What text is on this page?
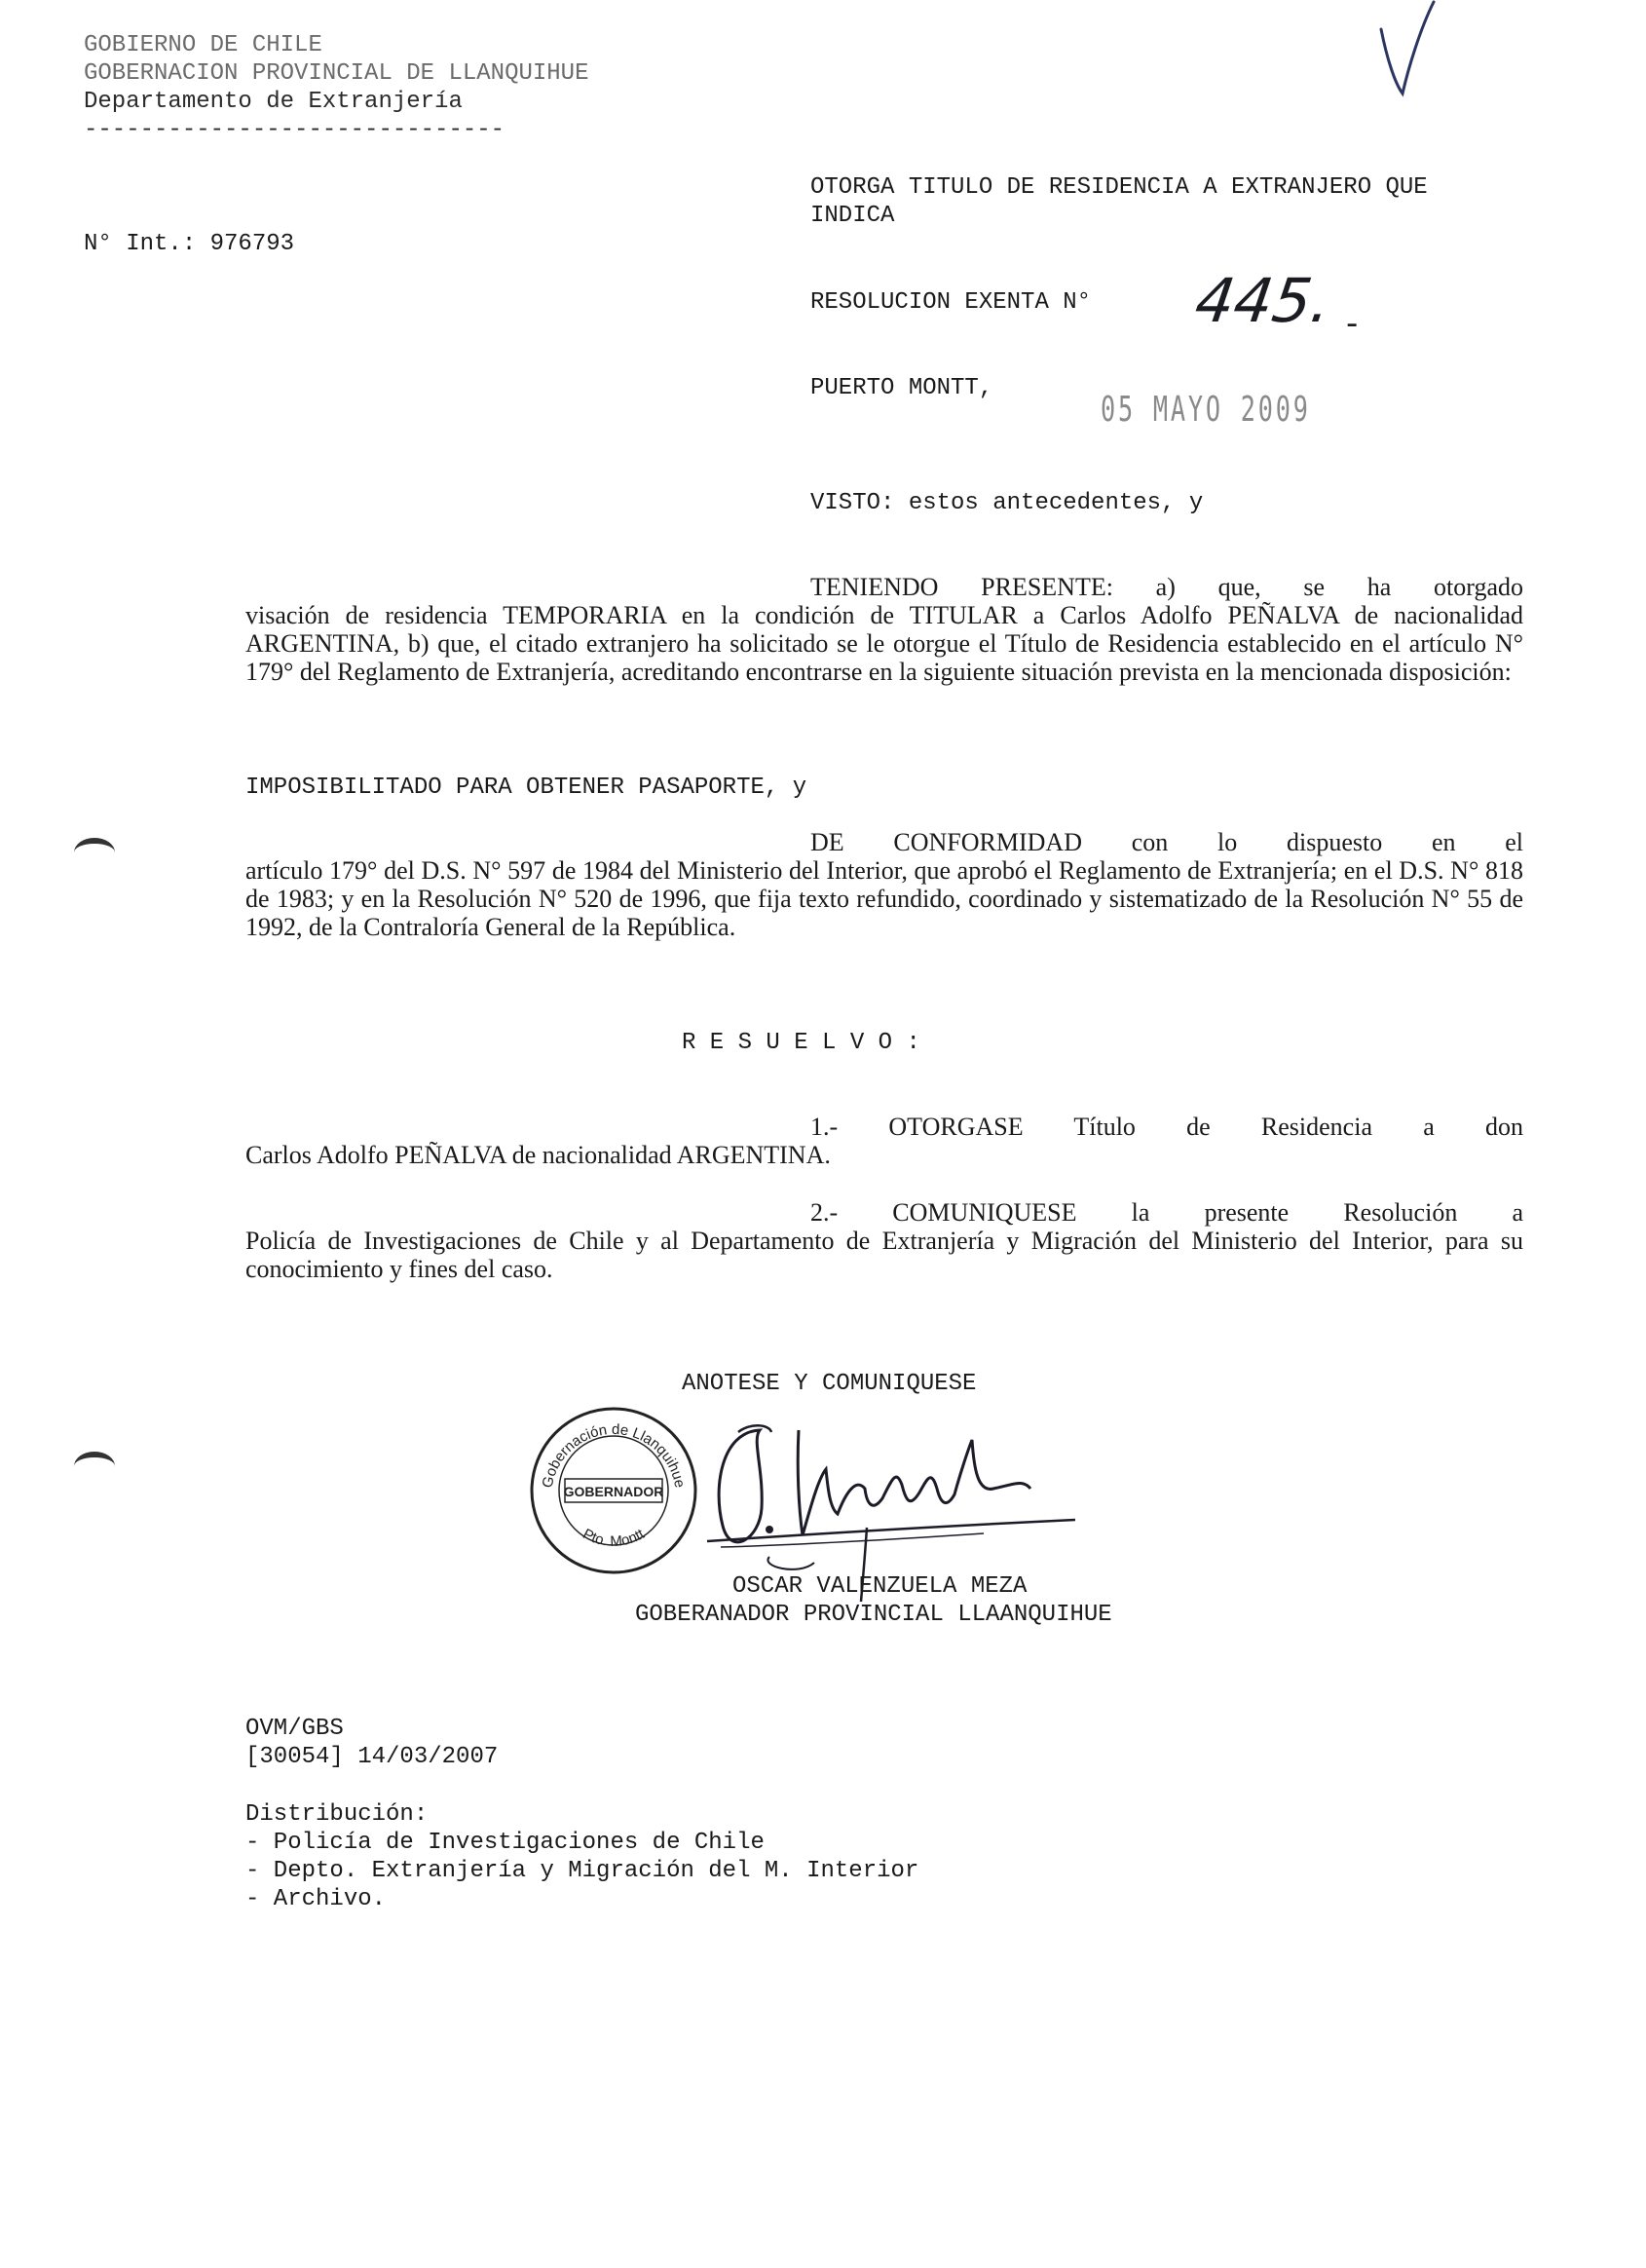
GOBIERNO DE CHILE
GOBERNACION PROVINCIAL DE LLANQUIHUE
Departamento de Extranjería
------------------------------
OTORGA TITULO DE RESIDENCIA A EXTRANJERO QUE
INDICA
N° Int.: 976793
RESOLUCION EXENTA N° 445. -
PUERTO MONTT,
05 MAYO 2009
VISTO: estos antecedentes, y
TENIENDO PRESENTE: a) que, se ha otorgado
visación de residencia TEMPORARIA en la condición de TITULAR a Carlos Adolfo PEÑALVA de nacionalidad ARGENTINA, b) que, el citado extranjero ha solicitado se le otorgue el Título de Residencia establecido en el artículo N° 179° del Reglamento de Extranjería, acreditando encontrarse en la siguiente situación prevista en la mencionada disposición:
IMPOSIBILITADO PARA OBTENER PASAPORTE, y
DE CONFORMIDAD con lo dispuesto en el
artículo 179° del D.S. N° 597 de 1984 del Ministerio del Interior, que aprobó el Reglamento de Extranjería; en el D.S. N° 818 de 1983; y en la Resolución N° 520 de 1996, que fija texto refundido, coordinado y sistematizado de la Resolución N° 55 de 1992, de la Contraloría General de la República.
R E S U E L V O :
1.- OTORGASE Título de Residencia a don
Carlos Adolfo PEÑALVA de nacionalidad ARGENTINA.
2.- COMUNIQUESE la presente Resolución a
Policía de Investigaciones de Chile y al Departamento de Extranjería y Migración del Ministerio del Interior, para su conocimiento y fines del caso.
ANOTESE Y COMUNIQUESE
Gobernación de Llanquihue
Pto. Montt
GOBERNADOR
OSCAR VALENZUELA MEZA
GOBERANADOR PROVINCIAL LLAANQUIHUE
OVM/GBS
[30054] 14/03/2007
Distribución:
- Policía de Investigaciones de Chile
- Depto. Extranjería y Migración del M. Interior
- Archivo.
